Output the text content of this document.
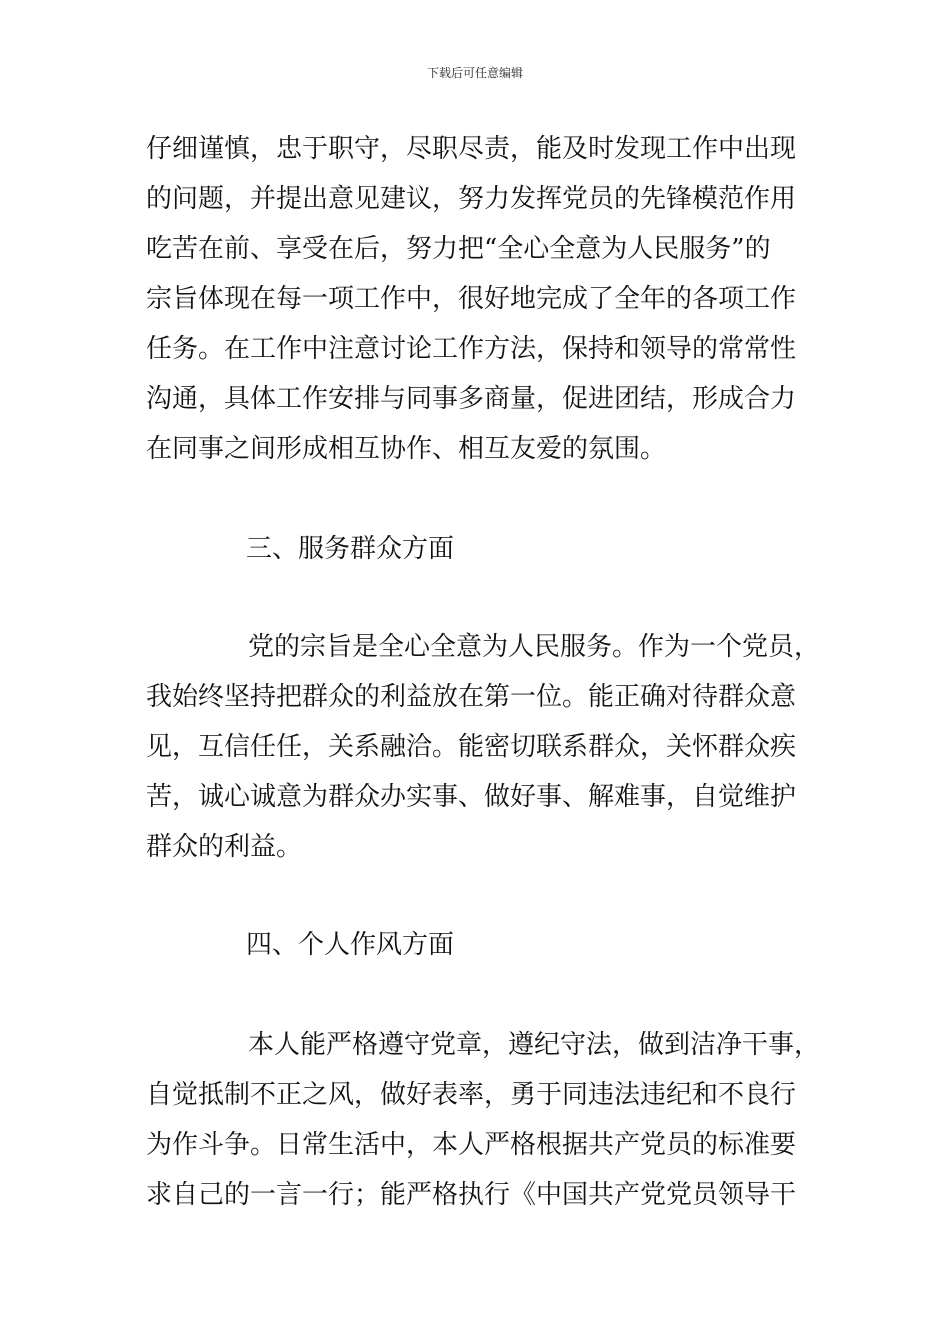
下载后可任意编辑
仔细谨慎，忠于职守，尽职尽责，能及时发现工作中出现
的问题，并提出意见建议，努力发挥党员的先锋模范作用
吃苦在前、享受在后，努力把“全心全意为人民服务”的
宗旨体现在每一项工作中，很好地完成了全年的各项工作
任务。在工作中注意讨论工作方法，保持和领导的常常性
沟通，具体工作安排与同事多商量，促进团结，形成合力
在同事之间形成相互协作、相互友爱的氛围。
三、服务群众方面
党的宗旨是全心全意为人民服务。作为一个党员，
我始终坚持把群众的利益放在第一位。能正确对待群众意
见，互信任任，关系融洽。能密切联系群众，关怀群众疾
苦，诚心诚意为群众办实事、做好事、解难事，自觉维护
群众的利益。
四、个人作风方面
本人能严格遵守党章，遵纪守法，做到洁净干事，
自觉抵制不正之风，做好表率，勇于同违法违纪和不良行
为作斗争。日常生活中，本人严格根据共产党员的标准要
求自己的一言一行；能严格执行《中国共产党党员领导干
